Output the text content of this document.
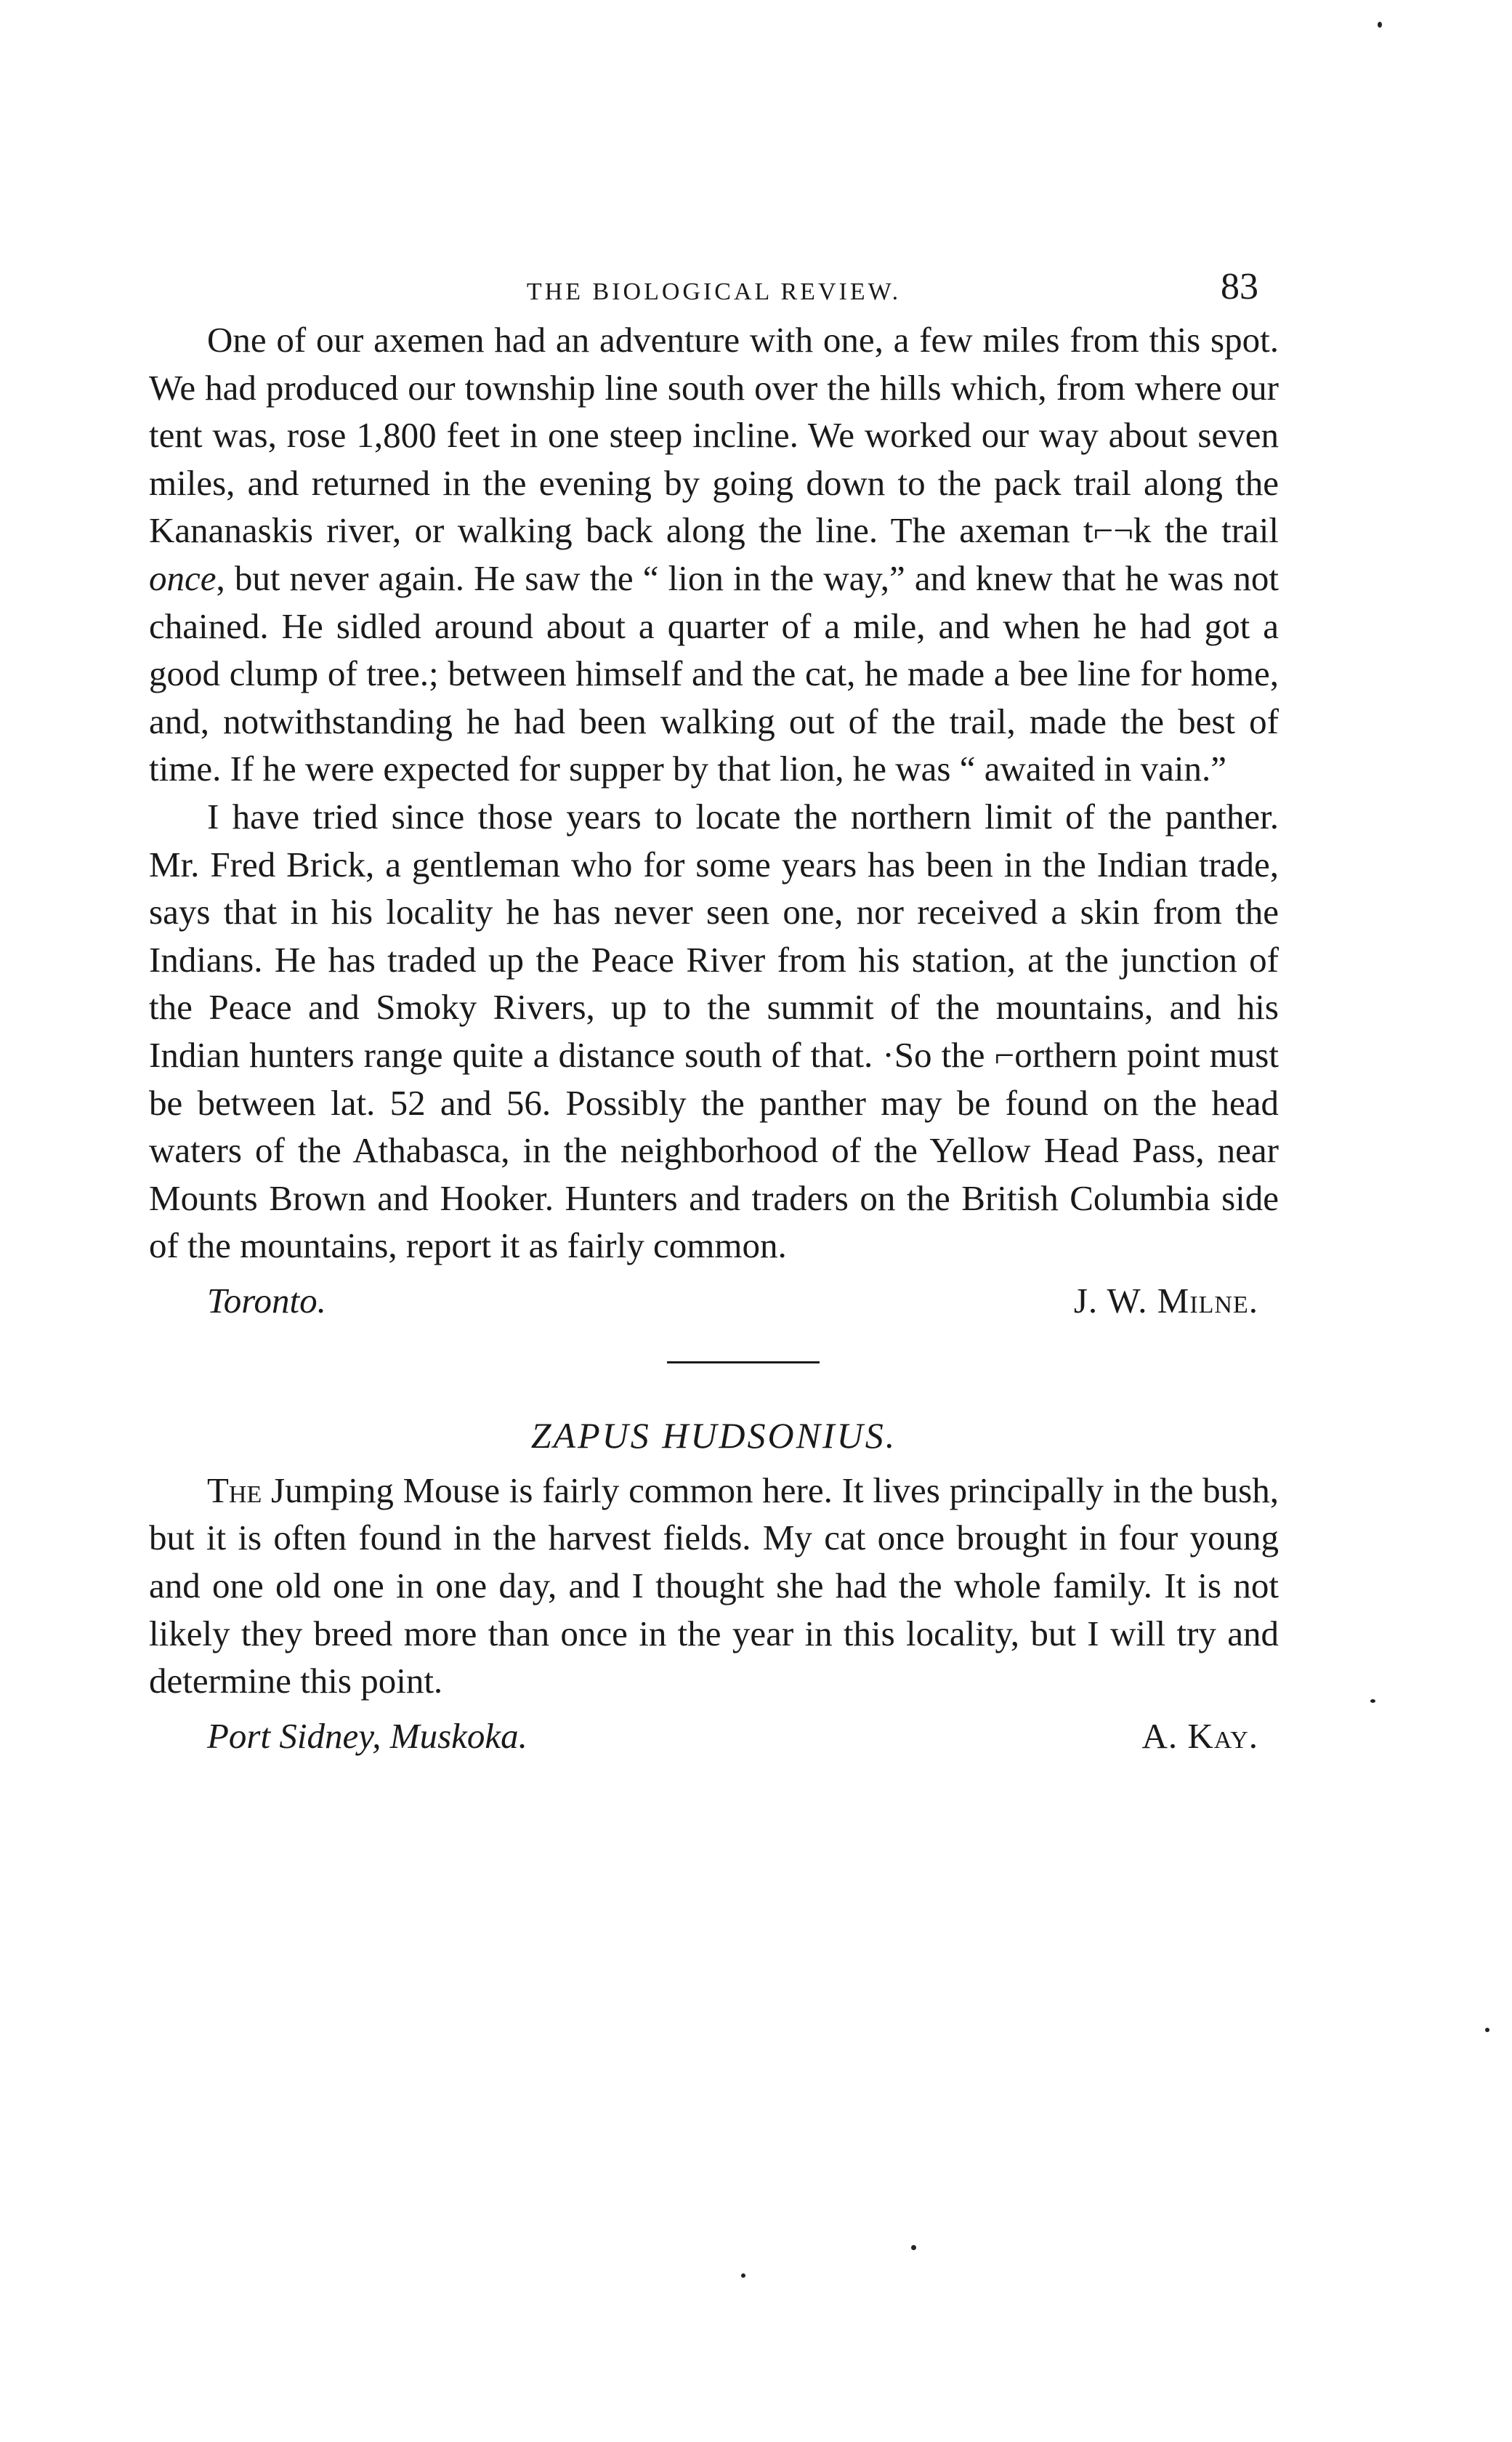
THE BIOLOGICAL REVIEW.	83

One of our axemen had an adventure with one, a few miles from this spot. We had produced our township line south over the hills which, from where our tent was, rose 1,800 feet in one steep incline. We worked our way about seven miles, and returned in the evening by going down to the pack trail along the Kananaskis river, or walking back along the line. The axeman t⌐¬k the trail once, but never again. He saw the “ lion in the way,” and knew that he was not chained. He sidled around about a quarter of a mile, and when he had got a good clump of tree.; between himself and the cat, he made a bee line for home, and, notwithstanding he had been walking out of the trail, made the best of time. If he were expected for supper by that lion, he was “ awaited in vain.”

I have tried since those years to locate the northern limit of the panther. Mr. Fred Brick, a gentleman who for some years has been in the Indian trade, says that in his locality he has never seen one, nor received a skin from the Indians. He has traded up the Peace River from his station, at the junction of the Peace and Smoky Rivers, up to the summit of the mountains, and his Indian hunters range quite a distance south of that. ·So the ⌐orthern point must be between lat. 52 and 56. Possibly the panther may be found on the head waters of the Athabasca, in the neighborhood of the Yellow Head Pass, near Mounts Brown and Hooker. Hunters and traders on the British Columbia side of the mountains, report it as fairly common.

Toronto.	J. W. Milne.
ZAPUS HUDSONIUS.

The Jumping Mouse is fairly common here. It lives principally in the bush, but it is often found in the harvest fields. My cat once brought in four young and one old one in one day, and I thought she had the whole family. It is not likely they breed more than once in the year in this locality, but I will try and determine this point.

Port Sidney, Muskoka.	A. Kay.
